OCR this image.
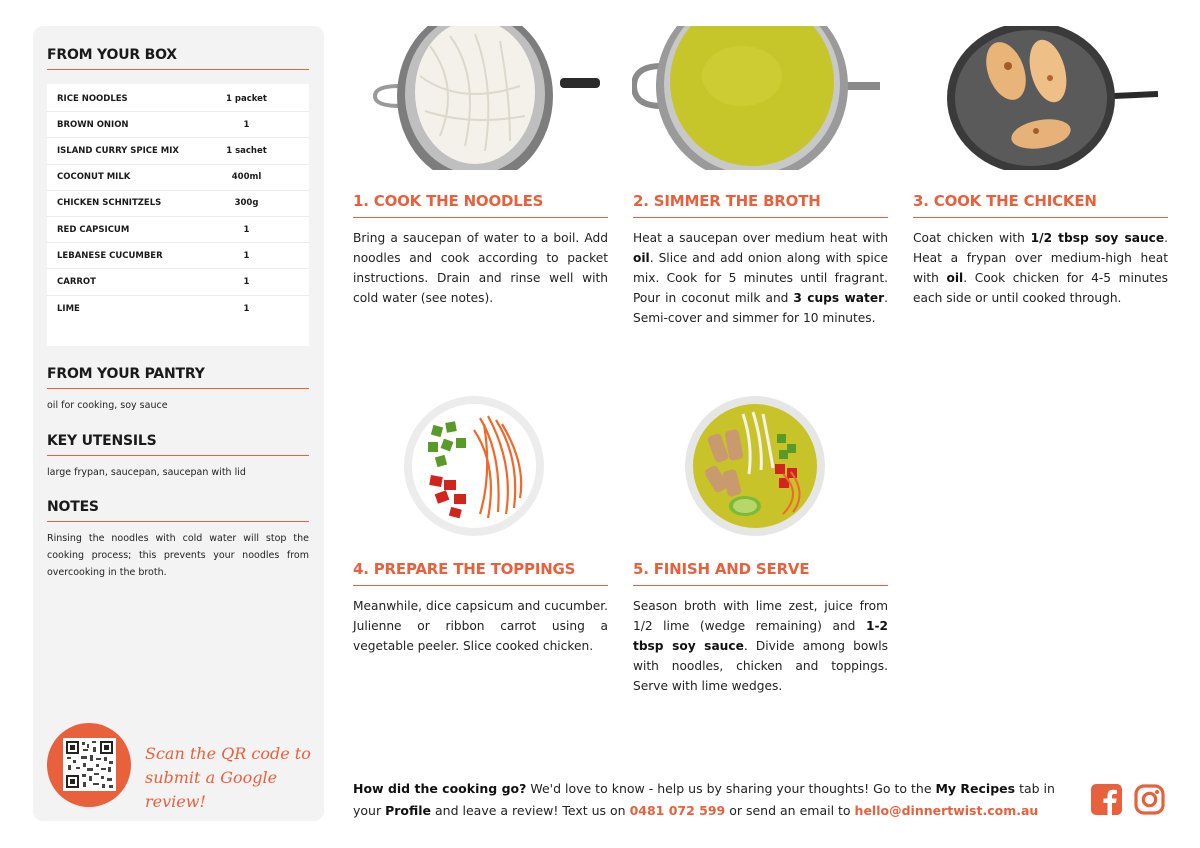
FROM YOUR BOX
RICE NOODLES	1 packet
BROWN ONION	1
ISLAND CURRY SPICE MIX	1 sachet
COCONUT MILK	400ml
CHICKEN SCHNITZELS	300g
RED CAPSICUM	1
LEBANESE CUCUMBER	1
CARROT	1
LIME	1
FROM YOUR PANTRY
oil for cooking, soy sauce
KEY UTENSILS
large frypan, saucepan, saucepan with lid
NOTES
Rinsing the noodles with cold water will stop the cooking process; this prevents your noodles from overcooking in the broth.
Scan the QR code to
submit a Google review!
1. COOK THE NOODLES
Bring a saucepan of water to a boil. Add noodles and cook according to packet instructions. Drain and rinse well with cold water (see notes).
2. SIMMER THE BROTH
Heat a saucepan over medium heat with oil. Slice and add onion along with spice mix. Cook for 5 minutes until fragrant. Pour in coconut milk and 3 cups water. Semi-cover and simmer for 10 minutes.
3. COOK THE CHICKEN
Coat chicken with 1/2 tbsp soy sauce. Heat a frypan over medium-high heat with oil. Cook chicken for 4-5 minutes each side or until cooked through.
4. PREPARE THE TOPPINGS
Meanwhile, dice capsicum and cucumber. Julienne or ribbon carrot using a vegetable peeler. Slice cooked chicken.
5. FINISH AND SERVE
Season broth with lime zest, juice from 1/2 lime (wedge remaining) and 1-2 tbsp soy sauce. Divide among bowls with noodles, chicken and toppings. Serve with lime wedges.
How did the cooking go? We'd love to know - help us by sharing your thoughts! Go to the My Recipes tab in your Profile and leave a review! Text us on 0481 072 599 or send an email to hello@dinnertwist.com.au
